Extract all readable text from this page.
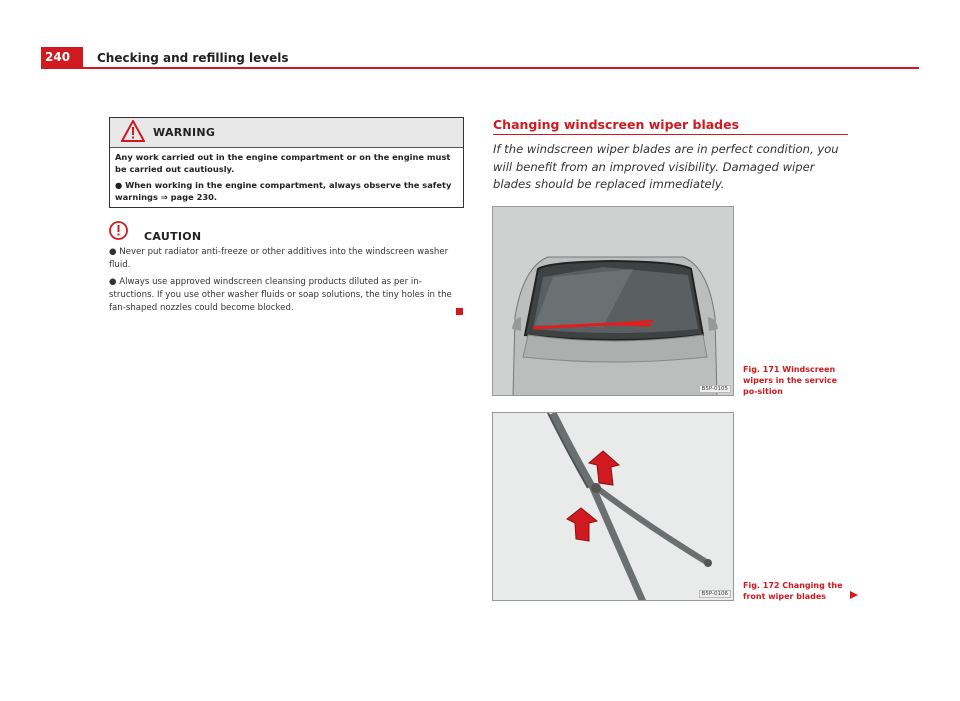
240	Checking and refilling levels
WARNING

Any work carried out in the engine compartment or on the engine must be carried out cautiously.

● When working in the engine compartment, always observe the safety warnings ⇒ page 230.

CAUTION

● Never put radiator anti-freeze or other additives into the windscreen washer fluid.

● Always use approved windscreen cleansing products diluted as per in-structions. If you use other washer fluids or soap solutions, the tiny holes in the fan-shaped nozzles could become blocked.

Changing windscreen wiper blades
If the windscreen wiper blades are in perfect condition, you will benefit from an improved visibility. Damaged wiper blades should be replaced immediately.
B5P-0105
Fig. 171 Windscreen wipers in the service po-sition
B5P-0106
Fig. 172 Changing the front wiper blades
